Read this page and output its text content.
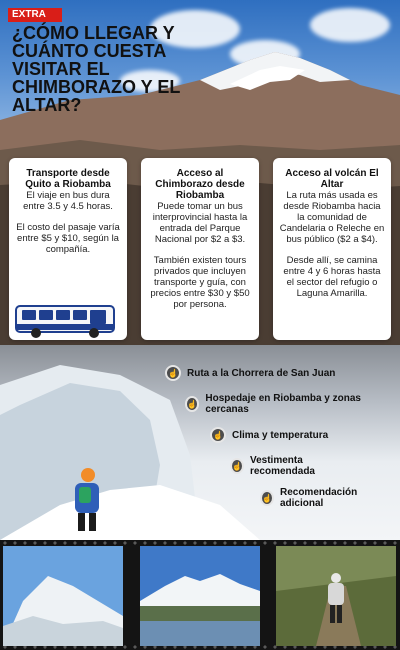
EXTRA
¿CÓMO LLEGAR Y CUÁNTO CUESTA VISITAR EL CHIMBORAZO Y EL ALTAR?
Transporte desde Quito a Riobamba

El viaje en bus dura entre 3.5 y 4.5 horas.

El costo del pasaje varía entre $5 y $10, según la compañía.

Acceso al Chimborazo desde Riobamba

Puede tomar un bus interprovincial hasta la entrada del Parque Nacional por $2 a $3.

También existen tours privados que incluyen transporte y guía, con precios entre $30 y $50 por persona.

Acceso al volcán El Altar

La ruta más usada es desde Riobamba hacia la comunidad de Candelaria o Releche en bus público ($2 a $4).

Desde allí, se camina entre 4 y 6 horas hasta el sector del refugio o Laguna Amarilla.

☝ Ruta a la Chorrera de San Juan
☝ Hospedaje en Riobamba y zonas cercanas
☝ Clima y temperatura
☝ Vestimenta recomendada
☝ Recomendación adicional
